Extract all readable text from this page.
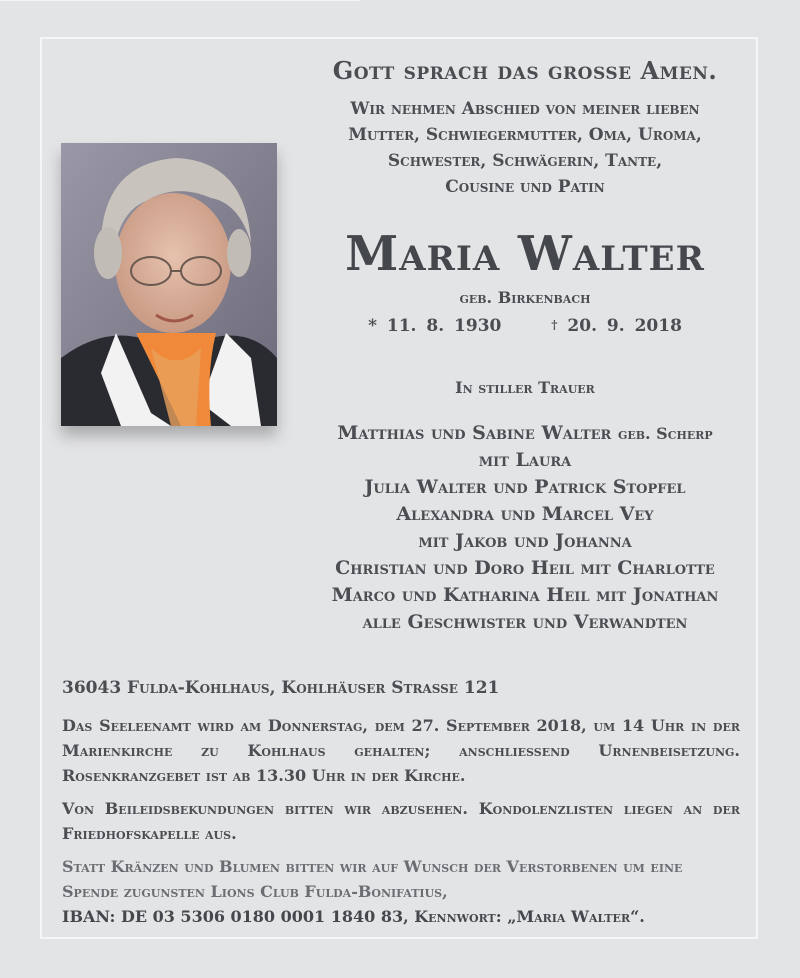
Gott sprach das grosse Amen.
Wir nehmen Abschied von meiner lieben
Mutter, Schwiegermutter, Oma, Uroma,
Schwester, Schwägerin, Tante,
Cousine und Patin
Maria Walter
geb. Birkenbach
* 11. 8. 1930	† 20. 9. 2018
In stiller Trauer
Matthias und Sabine Walter geb. Scherp
mit Laura
Julia Walter und Patrick Stopfel
Alexandra und Marcel Vey
mit Jakob und Johanna
Christian und Doro Heil mit Charlotte
Marco und Katharina Heil mit Jonathan
alle Geschwister und Verwandten
36043 Fulda-Kohlhaus, Kohlhäuser Straße 121
Das Seeleenamt wird am Donnerstag, dem 27. September 2018, um 14 Uhr in der Marienkirche zu Kohlhaus gehalten; anschließend Urnenbeisetzung. Rosenkranzgebet ist ab 13.30 Uhr in der Kirche.
Von Beileidsbekundungen bitten wir abzusehen. Kondolenzlisten liegen an der Friedhofskapelle aus.
Statt Kränzen und Blumen bitten wir auf Wunsch der Verstorbenen um eine Spende zugunsten Lions Club Fulda-Bonifatius,
IBAN: DE 03 5306 0180 0001 1840 83, Kennwort: „Maria Walter“.
